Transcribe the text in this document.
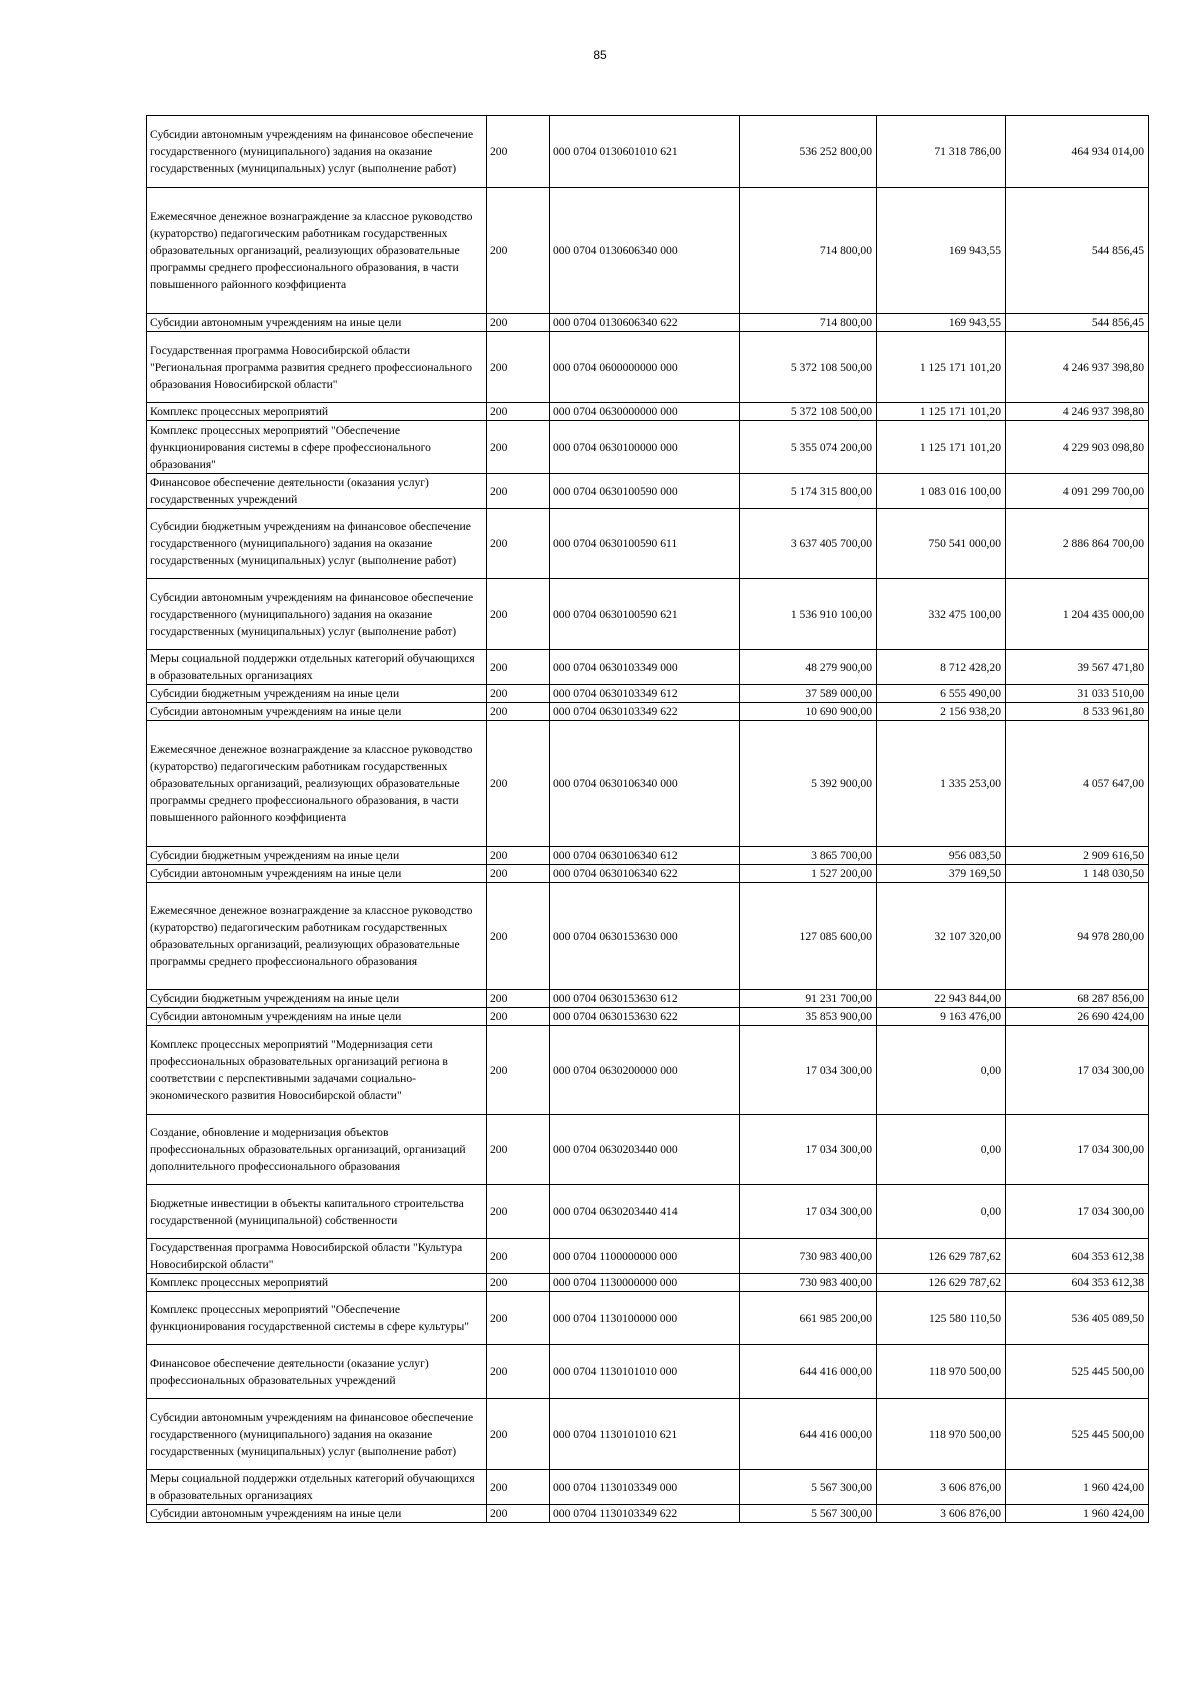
85
Субсидии автономным учреждениям на финансовое обеспечение государственного (муниципального) задания на оказание государственных (муниципальных) услуг (выполнение работ)	200	000 0704 0130601010 621	536 252 800,00	71 318 786,00	464 934 014,00
Ежемесячное денежное вознаграждение за классное руководство (кураторство) педагогическим работникам государственных образовательных организаций, реализующих образовательные программы среднего профессионального образования, в части повышенного районного коэффициента	200	000 0704 0130606340 000	714 800,00	169 943,55	544 856,45
Субсидии автономным учреждениям на иные цели	200	000 0704 0130606340 622	714 800,00	169 943,55	544 856,45
Государственная программа Новосибирской области "Региональная программа развития среднего профессионального образования Новосибирской области"	200	000 0704 0600000000 000	5 372 108 500,00	1 125 171 101,20	4 246 937 398,80
Комплекс процессных мероприятий	200	000 0704 0630000000 000	5 372 108 500,00	1 125 171 101,20	4 246 937 398,80
Комплекс процессных мероприятий "Обеспечение функционирования системы в сфере профессионального образования"	200	000 0704 0630100000 000	5 355 074 200,00	1 125 171 101,20	4 229 903 098,80
Финансовое обеспечение деятельности (оказания услуг) государственных учреждений	200	000 0704 0630100590 000	5 174 315 800,00	1 083 016 100,00	4 091 299 700,00
Субсидии бюджетным учреждениям на финансовое обеспечение государственного (муниципального) задания на оказание государственных (муниципальных) услуг (выполнение работ)	200	000 0704 0630100590 611	3 637 405 700,00	750 541 000,00	2 886 864 700,00
Субсидии автономным учреждениям на финансовое обеспечение государственного (муниципального) задания на оказание государственных (муниципальных) услуг (выполнение работ)	200	000 0704 0630100590 621	1 536 910 100,00	332 475 100,00	1 204 435 000,00
Меры социальной поддержки отдельных категорий обучающихся в образовательных организациях	200	000 0704 0630103349 000	48 279 900,00	8 712 428,20	39 567 471,80
Субсидии бюджетным учреждениям на иные цели	200	000 0704 0630103349 612	37 589 000,00	6 555 490,00	31 033 510,00
Субсидии автономным учреждениям на иные цели	200	000 0704 0630103349 622	10 690 900,00	2 156 938,20	8 533 961,80
Ежемесячное денежное вознаграждение за классное руководство (кураторство) педагогическим работникам государственных образовательных организаций, реализующих образовательные программы среднего профессионального образования, в части повышенного районного коэффициента	200	000 0704 0630106340 000	5 392 900,00	1 335 253,00	4 057 647,00
Субсидии бюджетным учреждениям на иные цели	200	000 0704 0630106340 612	3 865 700,00	956 083,50	2 909 616,50
Субсидии автономным учреждениям на иные цели	200	000 0704 0630106340 622	1 527 200,00	379 169,50	1 148 030,50
Ежемесячное денежное вознаграждение за классное руководство (кураторство) педагогическим работникам государственных образовательных организаций, реализующих образовательные программы среднего профессионального образования	200	000 0704 0630153630 000	127 085 600,00	32 107 320,00	94 978 280,00
Субсидии бюджетным учреждениям на иные цели	200	000 0704 0630153630 612	91 231 700,00	22 943 844,00	68 287 856,00
Субсидии автономным учреждениям на иные цели	200	000 0704 0630153630 622	35 853 900,00	9 163 476,00	26 690 424,00
Комплекс процессных мероприятий "Модернизация сети профессиональных образовательных организаций региона в соответствии с перспективными задачами социально-экономического развития Новосибирской области"	200	000 0704 0630200000 000	17 034 300,00	0,00	17 034 300,00
Создание, обновление и модернизация объектов профессиональных образовательных организаций, организаций дополнительного профессионального образования	200	000 0704 0630203440 000	17 034 300,00	0,00	17 034 300,00
Бюджетные инвестиции в объекты капитального строительства государственной (муниципальной) собственности	200	000 0704 0630203440 414	17 034 300,00	0,00	17 034 300,00
Государственная программа Новосибирской области "Культура Новосибирской области"	200	000 0704 1100000000 000	730 983 400,00	126 629 787,62	604 353 612,38
Комплекс процессных мероприятий	200	000 0704 1130000000 000	730 983 400,00	126 629 787,62	604 353 612,38
Комплекс процессных мероприятий "Обеспечение функционирования государственной системы в сфере культуры"	200	000 0704 1130100000 000	661 985 200,00	125 580 110,50	536 405 089,50
Финансовое обеспечение деятельности (оказание услуг) профессиональных образовательных учреждений	200	000 0704 1130101010 000	644 416 000,00	118 970 500,00	525 445 500,00
Субсидии автономным учреждениям на финансовое обеспечение государственного (муниципального) задания на оказание государственных (муниципальных) услуг (выполнение работ)	200	000 0704 1130101010 621	644 416 000,00	118 970 500,00	525 445 500,00
Меры социальной поддержки отдельных категорий обучающихся в образовательных организациях	200	000 0704 1130103349 000	5 567 300,00	3 606 876,00	1 960 424,00
Субсидии автономным учреждениям на иные цели	200	000 0704 1130103349 622	5 567 300,00	3 606 876,00	1 960 424,00
